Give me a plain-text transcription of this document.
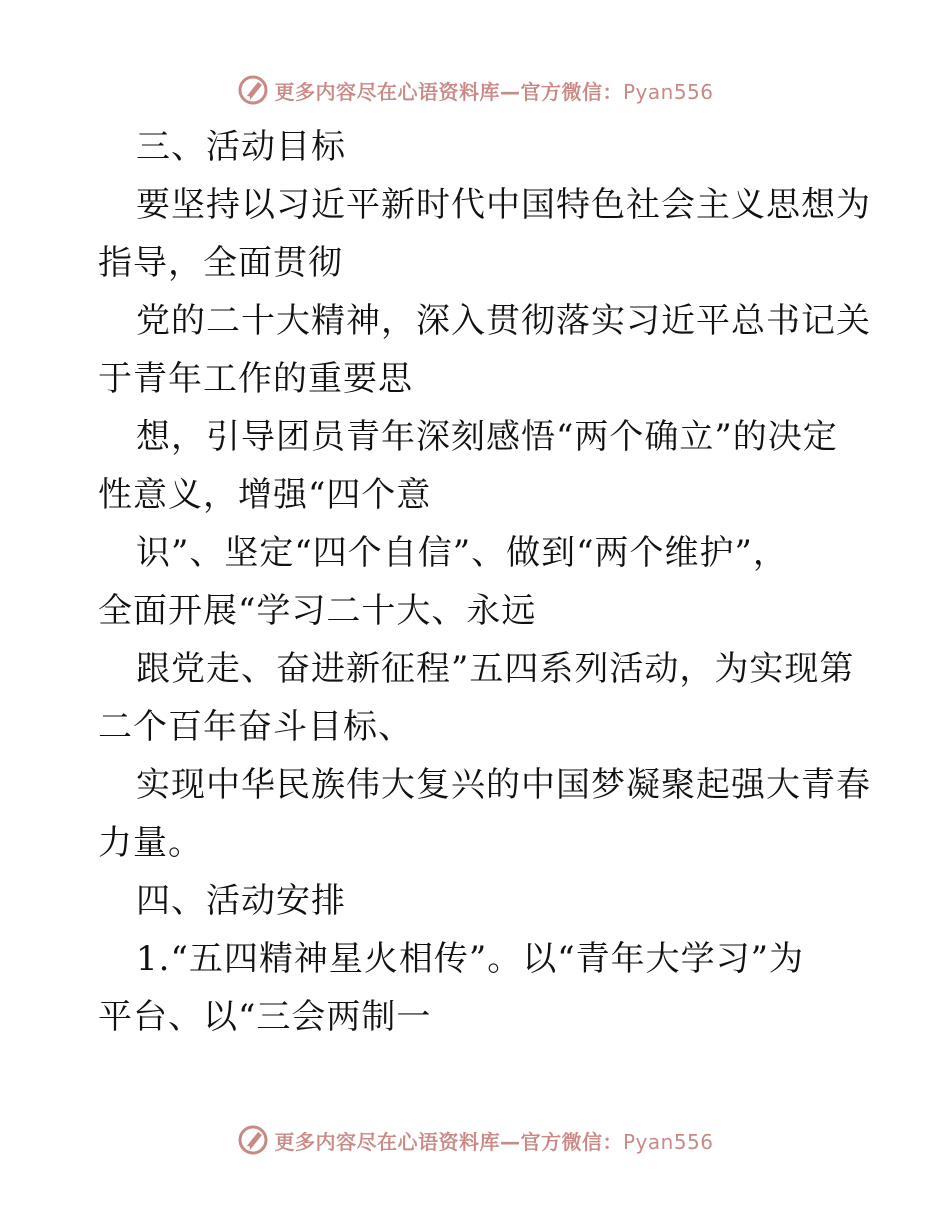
更多内容尽在心语资料库—官方微信：Pyan556
三、活动目标
要坚持以习近平新时代中国特色社会主义思想为
指导，全面贯彻
党的二十大精神，深入贯彻落实习近平总书记关
于青年工作的重要思
想，引导团员青年深刻感悟“两个确立”的决定
性意义，增强“四个意
识”、坚定“四个自信”、做到“两个维护”，
全面开展“学习二十大、永远
跟党走、奋进新征程”五四系列活动，为实现第
二个百年奋斗目标、
实现中华民族伟大复兴的中国梦凝聚起强大青春
力量。
四、活动安排
1.“五四精神星火相传”。以“青年大学习”为
平台、以“三会两制一
更多内容尽在心语资料库—官方微信：Pyan556
